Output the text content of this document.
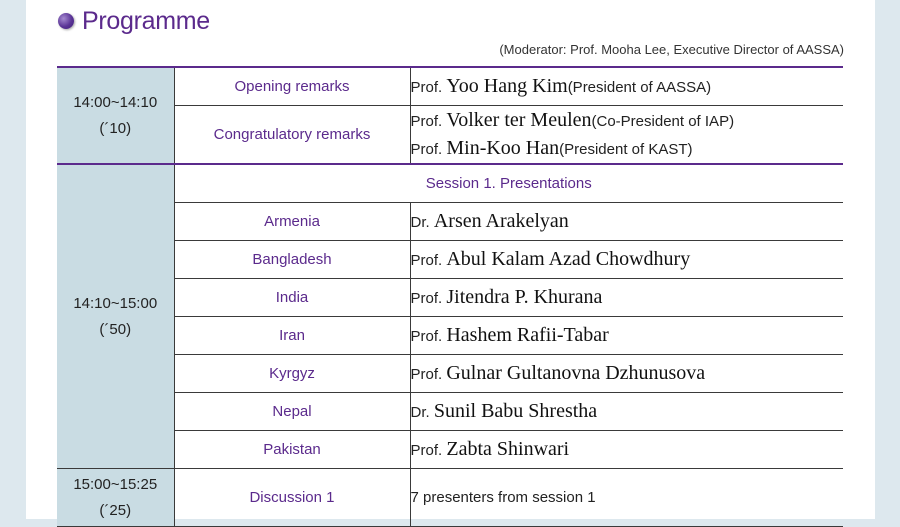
Programme
(Moderator: Prof. Mooha Lee, Executive Director of AASSA)
14:00~14:10
(´10)	Opening remarks	Prof. Yoo Hang Kim(President of AASSA)
	Congratulatory remarks	Prof. Volker ter Meulen(Co-President of IAP)
Prof. Min-Koo Han(President of KAST)

14:10~15:00
(´50)	Session 1. Presentations	
	Armenia	Dr. Arsen Arakelyan
	Bangladesh	Prof. Abul Kalam Azad Chowdhury
	India	Prof. Jitendra P. Khurana
	Iran	Prof. Hashem Rafii-Tabar
	Kyrgyz	Prof. Gulnar Gultanovna Dzhunusova
	Nepal	Dr. Sunil Babu Shrestha
	Pakistan	Prof. Zabta Shinwari

15:00~15:25
(´25)	Discussion 1	7 presenters from session 1
